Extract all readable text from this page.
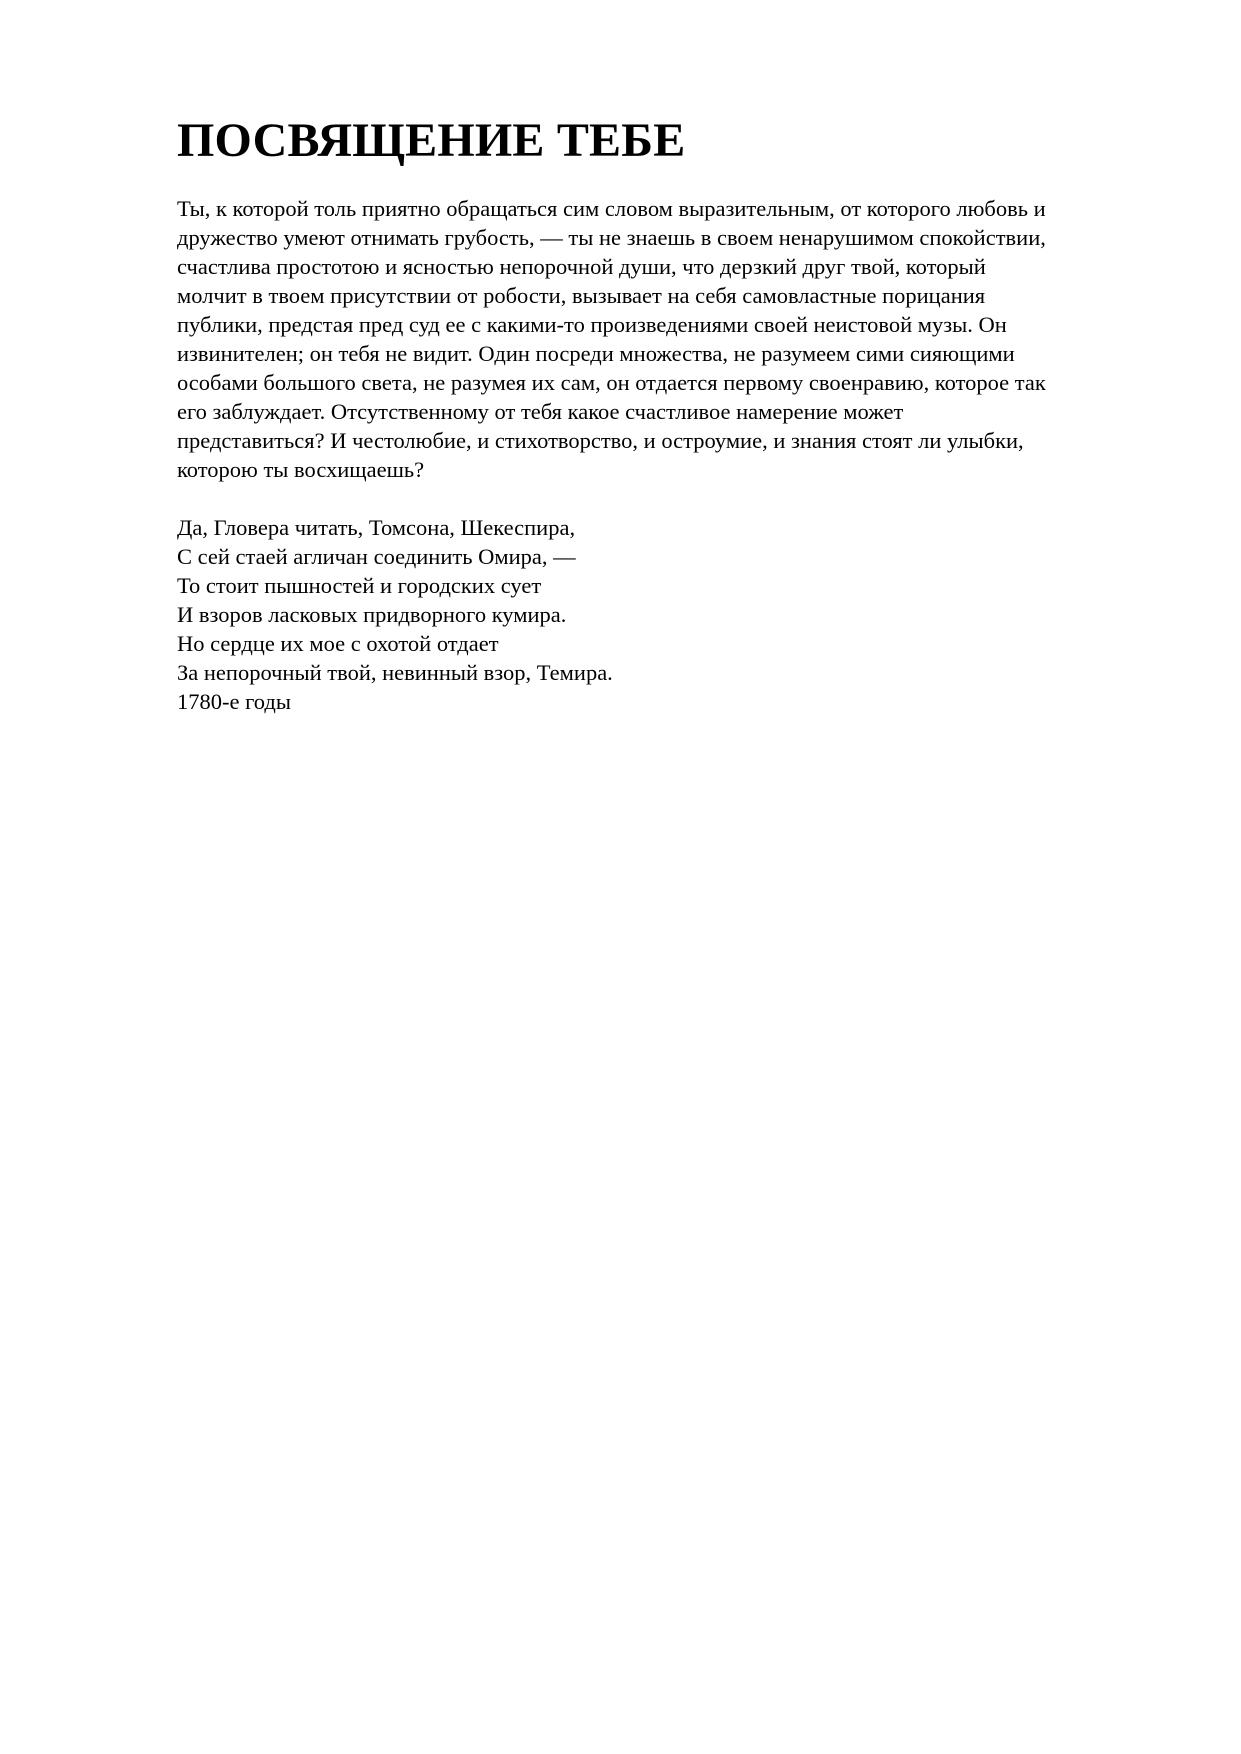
ПОСВЯЩЕНИЕ ТЕБЕ

Ты, к которой толь приятно обращаться сим словом выразительным, от которого любовь и
дружество умеют отнимать грубость, — ты не знаешь в своем ненарушимом спокойствии,
счастлива простотою и ясностью непорочной души, что дерзкий друг твой, который
молчит в твоем присутствии от робости, вызывает на себя самовластные порицания
публики, предстая пред суд ее с какими-то произведениями своей неистовой музы. Он
извинителен; он тебя не видит. Один посреди множества, не разумеем сими сияющими
особами большого света, не разумея их сам, он отдается первому своенравию, которое так
его заблуждает. Отсутственному от тебя какое счастливое намерение может
представиться? И честолюбие, и стихотворство, и остроумие, и знания стоят ли улыбки,
которою ты восхищаешь?

Да, Гловера читать, Томсона, Шекеспира,
С сей стаей агличан соединить Омира, —
То стоит пышностей и городских сует
И взоров ласковых придворного кумира.
Но сердце их мое с охотой отдает
За непорочный твой, невинный взор, Темира.
1780-е годы
